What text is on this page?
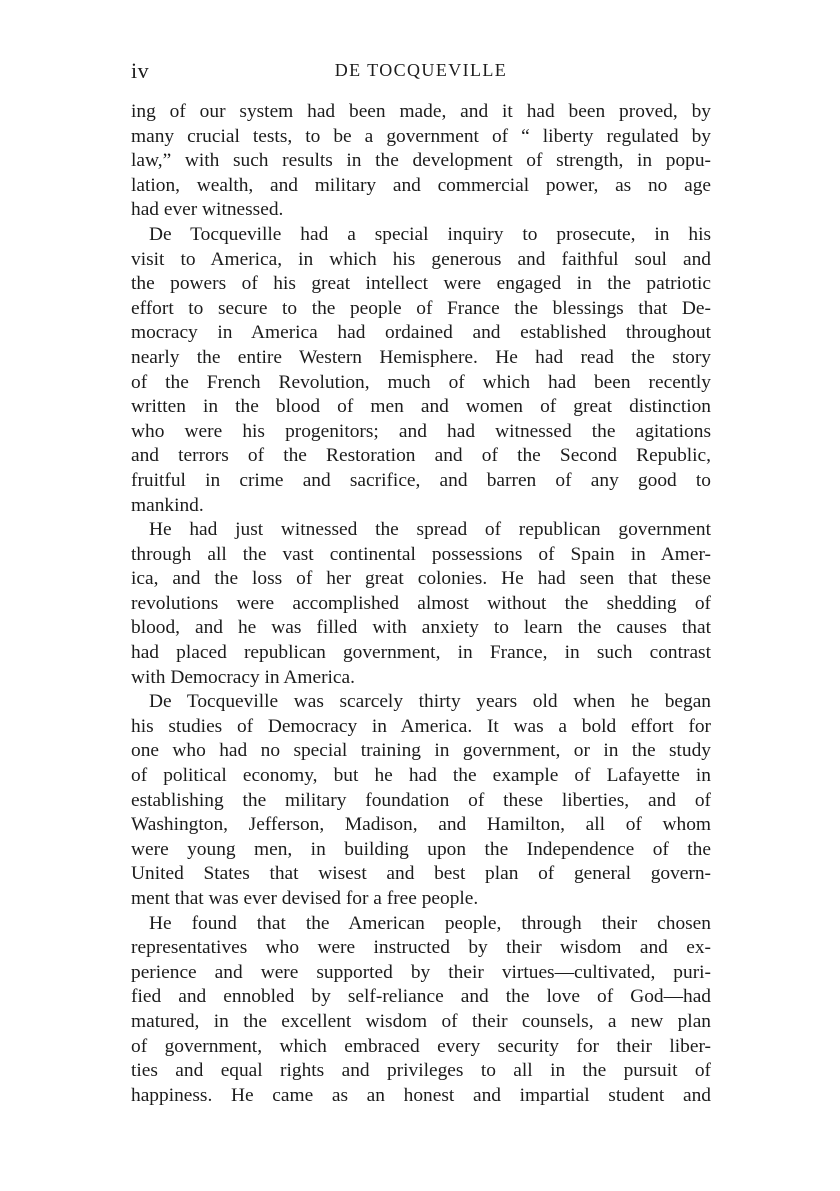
iv	DE TOCQUEVILLE
ing of our system had been made, and it had been proved, by
many crucial tests, to be a government of “ liberty regulated by
law,” with such results in the development of strength, in popu-
lation, wealth, and military and commercial power, as no age
had ever witnessed.
De Tocqueville had a special inquiry to prosecute, in his
visit to America, in which his generous and faithful soul and
the powers of his great intellect were engaged in the patriotic
effort to secure to the people of France the blessings that De-
mocracy in America had ordained and established throughout
nearly the entire Western Hemisphere. He had read the story
of the French Revolution, much of which had been recently
written in the blood of men and women of great distinction
who were his progenitors; and had witnessed the agitations
and terrors of the Restoration and of the Second Republic,
fruitful in crime and sacrifice, and barren of any good to
mankind.
He had just witnessed the spread of republican government
through all the vast continental possessions of Spain in Amer-
ica, and the loss of her great colonies. He had seen that these
revolutions were accomplished almost without the shedding of
blood, and he was filled with anxiety to learn the causes that
had placed republican government, in France, in such contrast
with Democracy in America.
De Tocqueville was scarcely thirty years old when he began
his studies of Democracy in America. It was a bold effort for
one who had no special training in government, or in the study
of political economy, but he had the example of Lafayette in
establishing the military foundation of these liberties, and of
Washington, Jefferson, Madison, and Hamilton, all of whom
were young men, in building upon the Independence of the
United States that wisest and best plan of general govern-
ment that was ever devised for a free people.
He found that the American people, through their chosen
representatives who were instructed by their wisdom and ex-
perience and were supported by their virtues—cultivated, puri-
fied and ennobled by self-reliance and the love of God—had
matured, in the excellent wisdom of their counsels, a new plan
of government, which embraced every security for their liber-
ties and equal rights and privileges to all in the pursuit of
happiness. He came as an honest and impartial student and
